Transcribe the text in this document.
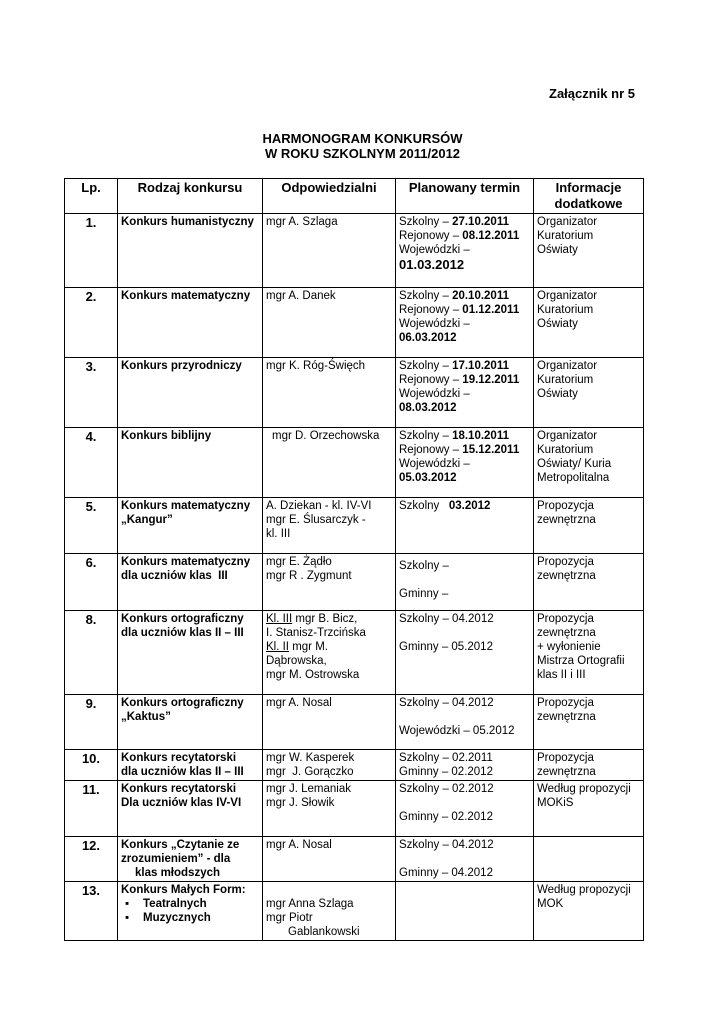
Załącznik nr 5
HARMONOGRAM KONKURSÓW
W ROKU SZKOLNYM 2011/2012
Lp.	Rodzaj konkursu	Odpowiedzialni	Planowany termin	Informacje dodatkowe
1.	Konkurs humanistyczny	mgr A. Szlaga	Szkolny – 27.10.2011
Rejonowy – 08.12.2011
Wojewódzki –
01.03.2012	Organizator
Kuratorium
Oświaty

2.	Konkurs matematyczny	mgr A. Danek	Szkolny – 20.10.2011
Rejonowy – 01.12.2011
Wojewódzki –
06.03.2012	Organizator
Kuratorium
Oświaty

3.	Konkurs przyrodniczy	mgr K. Róg-Święch	Szkolny – 17.10.2011
Rejonowy – 19.12.2011
Wojewódzki –
08.03.2012	Organizator
Kuratorium
Oświaty

4.	Konkurs biblijny	mgr D. Orzechowska	Szkolny – 18.10.2011
Rejonowy – 15.12.2011
Wojewódzki –
05.03.2012	Organizator
Kuratorium
Oświaty/ Kuria
Metropolitalna

5.	Konkurs matematyczny
„Kangur”	A. Dziekan - kl. IV-VI
mgr E. Ślusarczyk -
kl. III	Szkolny   03.2012	Propozycja
zewnętrzna

6.	Konkurs matematyczny
dla uczniów klas  III	mgr E. Żądło
mgr R . Zygmunt	Szkolny –
Gminny –	Propozycja
zewnętrzna

8.	Konkurs ortograficzny
dla uczniów klas II – III	Kl. III mgr B. Bicz,
I. Stanisz-Trzcińska
Kl. II mgr M.
Dąbrowska,
mgr M. Ostrowska	Szkolny – 04.2012
Gminny – 05.2012	Propozycja
zewnętrzna
+ wyłonienie
Mistrza Ortografii
klas II i III

9.	Konkurs ortograficzny
„Kaktus”	mgr A. Nosal	Szkolny – 04.2012
Wojewódzki – 05.2012	Propozycja
zewnętrzna

10.	Konkurs recytatorski
dla uczniów klas II – III	mgr W. Kasperek
mgr  J. Gorączko	Szkolny – 02.2011
Gminny – 02.2012	Propozycja
zewnętrzna

11.	Konkurs recytatorski
Dla uczniów klas IV-VI	mgr J. Lemaniak
mgr J. Słowik	Szkolny – 02.2012
Gminny – 02.2012	Według propozycji
MOKiS

12.	Konkurs „Czytanie ze
zrozumieniem” - dla
klas młodszych	mgr A. Nosal	Szkolny – 04.2012
Gminny – 04.2012	

13.	Konkurs Małych Form:
▪ Teatralnych
▪ Muzycznych	mgr Anna Szlaga
mgr Piotr
Gablankowski		Według propozycji
MOK
